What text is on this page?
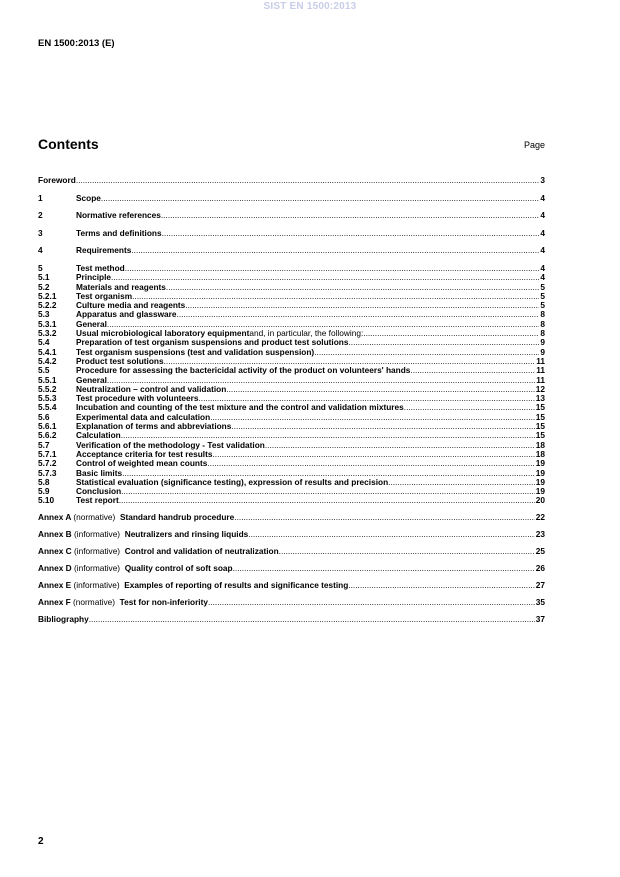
SIST EN 1500:2013
EN 1500:2013 (E)
Contents	Page
Foreword .....	3
1	Scope .....	4
2	Normative references .....	4
3	Terms and definitions .....	4
4	Requirements .....	4
5	Test method .....	4
5.1	Principle .....	4
5.2	Materials and reagents .....	5
5.2.1	Test organism .....	5
5.2.2	Culture media and reagents .....	5
5.3	Apparatus and glassware .....	8
5.3.1	General .....	8
5.3.2	Usual microbiological laboratory equipmentand, in particular, the following: .....	8
5.4	Preparation of test organism suspensions and product test solutions .....	9
5.4.1	Test organism suspensions (test and validation suspension) .....	9
5.4.2	Product test solutions .....	11
5.5	Procedure for assessing the bactericidal activity of the product on volunteers' hands .....	11
5.5.1	General .....	11
5.5.2	Neutralization – control and validation .....	12
5.5.3	Test procedure with volunteers .....	13
5.5.4	Incubation and counting of the test mixture and the control and validation mixtures .....	15
5.6	Experimental data and calculation .....	15
5.6.1	Explanation of terms and abbreviations .....	15
5.6.2	Calculation .....	15
5.7	Verification of the methodology - Test validation .....	18
5.7.1	Acceptance criteria for test results .....	18
5.7.2	Control of weighted mean counts .....	19
5.7.3	Basic limits .....	19
5.8	Statistical evaluation (significance testing), expression of results and precision .....	19
5.9	Conclusion .....	19
5.10	Test report .....	20
Annex A (normative) Standard handrub procedure .....	22
Annex B (informative) Neutralizers and rinsing liquids .....	23
Annex C (informative) Control and validation of neutralization .....	25
Annex D (informative) Quality control of soft soap .....	26
Annex E (informative) Examples of reporting of results and significance testing .....	27
Annex F (normative) Test for non-inferiority .....	35
Bibliography .....	37
2
